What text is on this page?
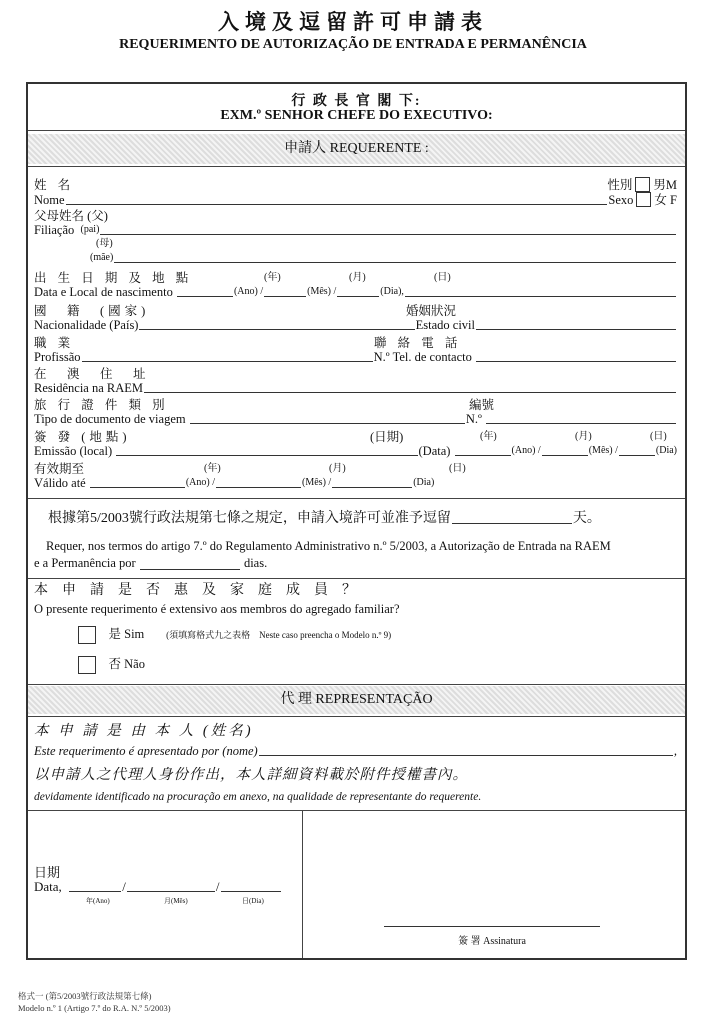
入境及逗留許可申請表
REQUERIMENTO DE AUTORIZAÇÃO DE ENTRADA E PERMANÊNCIA
行 政 長 官 閣 下:
EXM.º SENHOR CHEFE DO EXECUTIVO:
申請人 REQUERENTE :
姓 名	性別 男M
Nome	Sexo 女 F
父母姓名 (父)
Filiação
(pai)
(母)
(mãe)
出 生 日 期 及 地 點	(年)	(月)	(日)
Data e Local de nascimento
	(Ano) /	(Mês) /	(Dia),
國　籍　(國家)	婚姻狀況
Nacionalidade (País)	Estado civil
職 業	聯 絡 電 話
Profissão	N.º Tel. de contacto

在　澳　住　址
Residência na RAEM
旅 行 證 件 類 別	編號
Tipo de documento de viagem
	N.º

簽 發 (地點)	(日期)	(年)	(月)	(日)
Emissão (local)
	(Data)
	(Ano) /	(Mês) /	(Dia)
有效期至	(年)	(月)	(日)
Válido até
	(Ano) /	(Mês) /	(Dia)
根據第5/2003號行政法規第七條之規定，申請入境許可並准予逗留	天。
Requer, nos termos do artigo 7.º do Regulamento Administrativo n.º 5/2003, a Autorização de Entrada na RAEM
e a Permanência por

	dias.
本　申　請　是　否　惠　及　家　庭　成　員　？
O presente requerimento é extensivo aos membros do agregado familiar?
是 Sim (須填寫格式九之表格　Neste caso preencha o Modelo n.º 9)
否 Não
代 理 REPRESENTAÇÃO
本 申 請 是 由 本 人 (姓名)
Este requerimento é apresentado por (nome)	,
以申請人之代理人身份作出，本人詳細資料載於附件授權書內。
devidamente identificado na procuração em anexo, na qualidade de representante do requerente.
日期
Data,
	/	/
年(Ano)	月(Mês)	日(Dia)
簽 署 Assinatura
格式一 (第5/2003號行政法規第七條)
Modelo n.º 1 (Artigo 7.º do R.A. N.º 5/2003)
